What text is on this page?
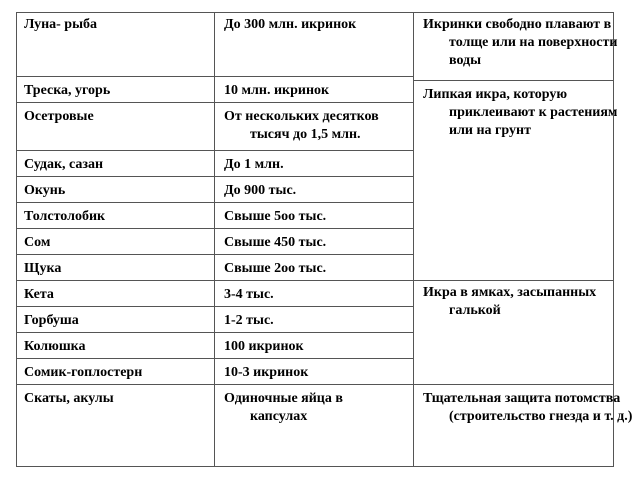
Луна- рыба
Треска, угорь
Осетровые
Судак, сазан
Окунь
Толстолобик
Сом
Щука
Кета
Горбуша
Колюшка
Сомик-гоплостерн
Скаты, акулы
До 300 млн. икринок
10 млн. икринок
От нескольких десятков тысяч до 1,5 млн.
До 1 млн.
До 900 тыс.
Свыше 5оо тыс.
Свыше 450 тыс.
Свыше 2оо тыс.
3-4 тыс.
1-2 тыс.
100 икринок
10-3 икринок
Одиночные яйца в капсулах
Икринки свободно плавают в толще или на поверхности воды
Липкая икра, которую приклеивают к растениям или на грунт
Икра в ямках, засыпанных галькой
Тщательная защита потомства (строительство гнезда и т. д.)
